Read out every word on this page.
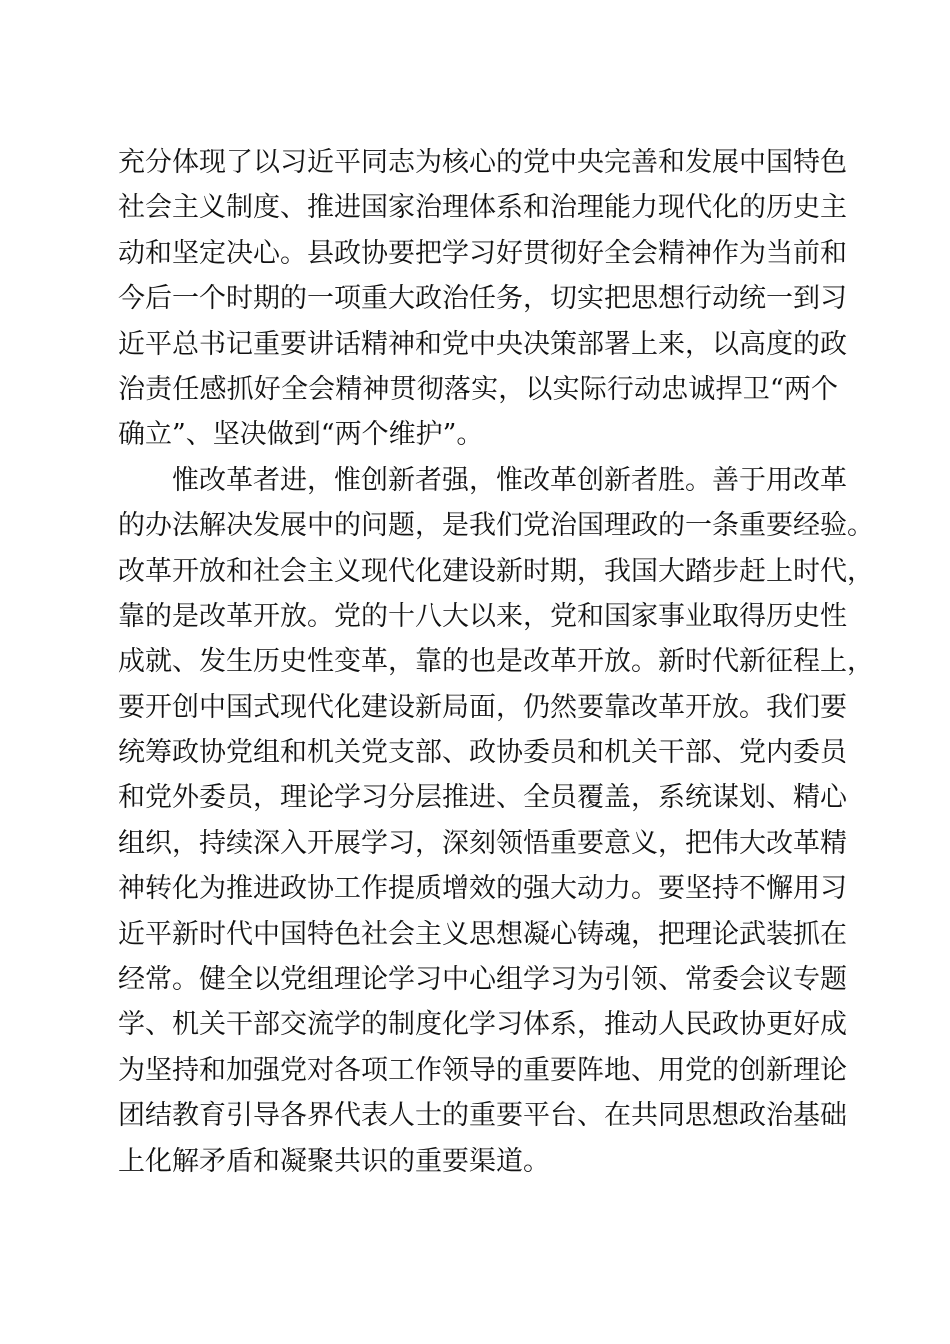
充分体现了以习近平同志为核心的党中央完善和发展中国特色
社会主义制度、推进国家治理体系和治理能力现代化的历史主
动和坚定决心。县政协要把学习好贯彻好全会精神作为当前和
今后一个时期的一项重大政治任务，切实把思想行动统一到习
近平总书记重要讲话精神和党中央决策部署上来，以高度的政
治责任感抓好全会精神贯彻落实，以实际行动忠诚捍卫“两个
确立”、坚决做到“两个维护”。
　　惟改革者进，惟创新者强，惟改革创新者胜。善于用改革
的办法解决发展中的问题，是我们党治国理政的一条重要经验。
改革开放和社会主义现代化建设新时期，我国大踏步赶上时代，
靠的是改革开放。党的十八大以来，党和国家事业取得历史性
成就、发生历史性变革，靠的也是改革开放。新时代新征程上，
要开创中国式现代化建设新局面，仍然要靠改革开放。我们要
统筹政协党组和机关党支部、政协委员和机关干部、党内委员
和党外委员，理论学习分层推进、全员覆盖，系统谋划、精心
组织，持续深入开展学习，深刻领悟重要意义，把伟大改革精
神转化为推进政协工作提质增效的强大动力。要坚持不懈用习
近平新时代中国特色社会主义思想凝心铸魂，把理论武装抓在
经常。健全以党组理论学习中心组学习为引领、常委会议专题
学、机关干部交流学的制度化学习体系，推动人民政协更好成
为坚持和加强党对各项工作领导的重要阵地、用党的创新理论
团结教育引导各界代表人士的重要平台、在共同思想政治基础
上化解矛盾和凝聚共识的重要渠道。
